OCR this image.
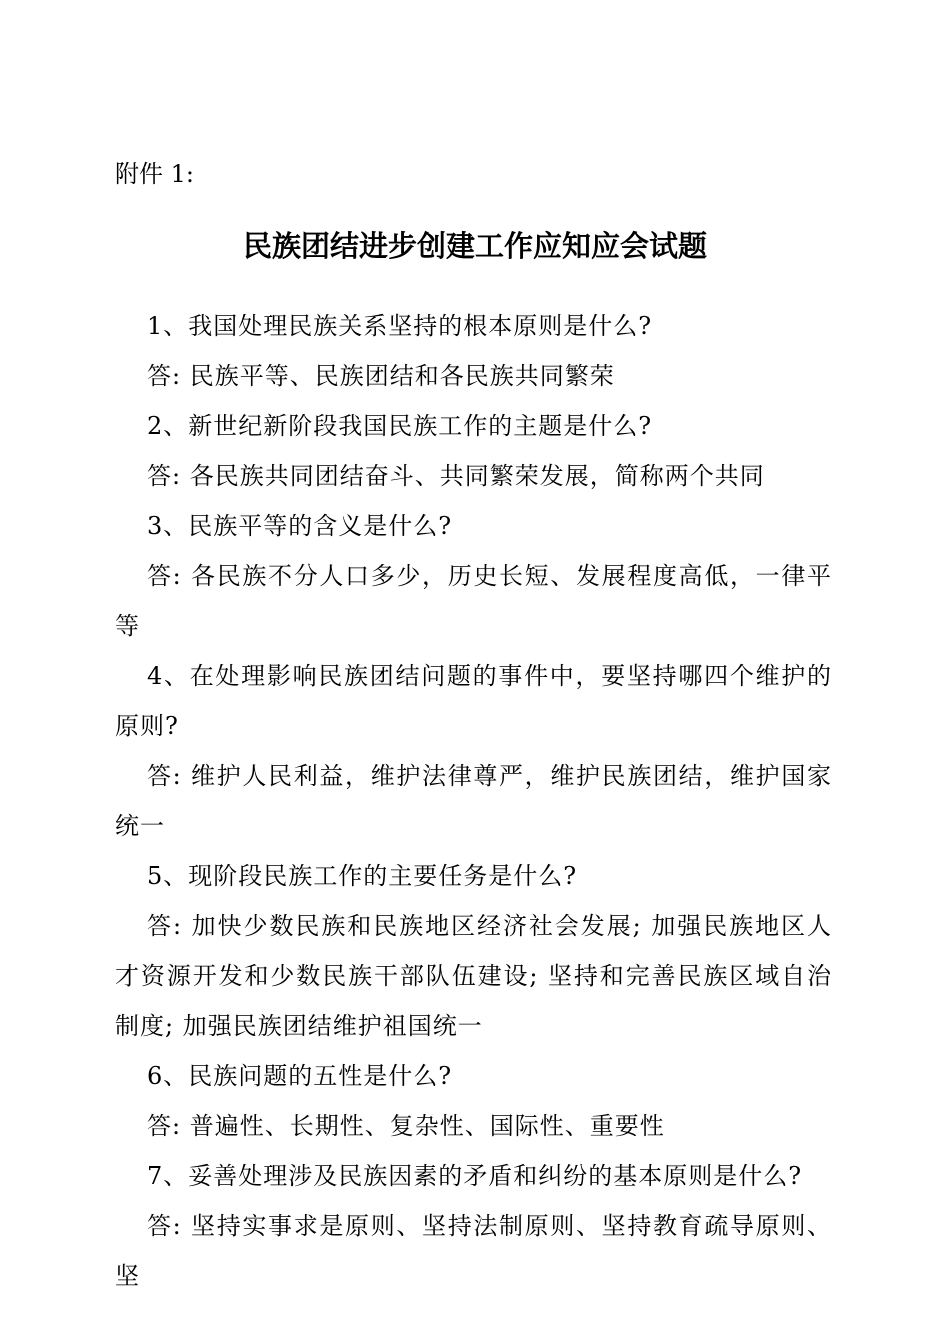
附件 1:
民族团结进步创建工作应知应会试题

1、我国处理民族关系坚持的根本原则是什么?

答: 民族平等、民族团结和各民族共同繁荣

2、新世纪新阶段我国民族工作的主题是什么?

答: 各民族共同团结奋斗、共同繁荣发展，简称两个共同

3、民族平等的含义是什么?

答: 各民族不分人口多少，历史长短、发展程度高低，一律平等

4、在处理影响民族团结问题的事件中，要坚持哪四个维护的原则?

答: 维护人民利益，维护法律尊严，维护民族团结，维护国家统一

5、现阶段民族工作的主要任务是什么?

答: 加快少数民族和民族地区经济社会发展; 加强民族地区人才资源开发和少数民族干部队伍建设; 坚持和完善民族区域自治制度; 加强民族团结维护祖国统一

6、民族问题的五性是什么?

答: 普遍性、长期性、复杂性、国际性、重要性

7、妥善处理涉及民族因素的矛盾和纠纷的基本原则是什么?

答: 坚持实事求是原则、坚持法制原则、坚持教育疏导原则、坚
